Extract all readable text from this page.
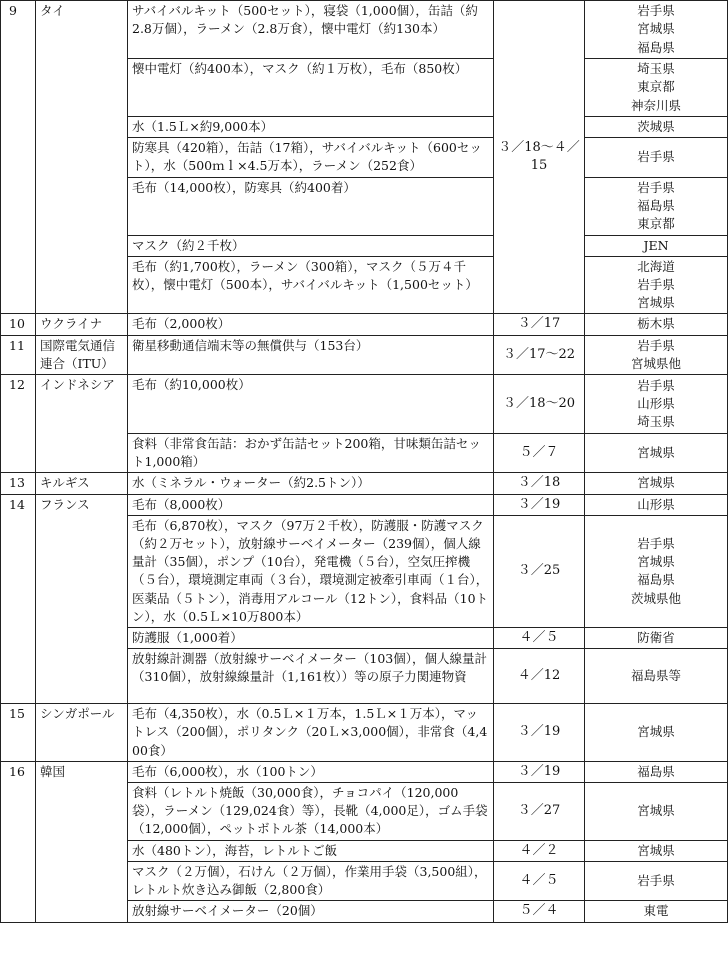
9	タイ	サバイバルキット（500セット），寝袋（1,000個），缶詰（約2.8万個），ラーメン（2.8万食），懐中電灯（約130本）	３／18〜４／15	岩手県
宮城県
福島県
		懐中電灯（約400本），マスク（約１万枚），毛布（850枚）		埼玉県
東京都
神奈川県
		水（1.5Ｌ×約9,000本）		茨城県
		防寒具（420箱），缶詰（17箱），サバイバルキット（600セット），水（500ｍｌ×4.5万本），ラーメン（252食）		岩手県
		毛布（14,000枚），防寒具（約400着）		岩手県
福島県
東京都
		マスク（約２千枚）		JEN
		毛布（約1,700枚），ラーメン（300箱），マスク（５万４千枚），懐中電灯（500本），サバイバルキット（1,500セット）		北海道
岩手県
宮城県
10	ウクライナ	毛布（2,000枚）	３／17	栃木県
11	国際電気通信連合（ITU）	衛星移動通信端末等の無償供与（153台）	３／17〜22	岩手県
宮城県他
12	インドネシア	毛布（約10,000枚）	３／18〜20	岩手県
山形県
埼玉県
		食料（非常食缶詰：おかず缶詰セット200箱，甘味類缶詰セット1,000箱）	５／７	宮城県
13	キルギス	水（ミネラル・ウォーター（約2.5トン））	３／18	宮城県
14	フランス	毛布（8,000枚）	３／19	山形県
		毛布（6,870枚），マスク（97万２千枚），防護服・防護マスク（約２万セット），放射線サーベイメーター（239個），個人線量計（35個），ポンプ（10台），発電機（５台），空気圧搾機（５台），環境測定車両（３台），環境測定被牽引車両（１台），医薬品（５トン），消毒用アルコール（12トン），食料品（10トン），水（0.5Ｌ×10万800本）	３／25	岩手県
宮城県
福島県
茨城県他
		防護服（1,000着）	４／５	防衛省
		放射線計測器（放射線サーベイメーター（103個），個人線量計（310個），放射線線量計（1,161枚））等の原子力関連物資	４／12	福島県等
15	シンガポール	毛布（4,350枚），水（0.5Ｌ×１万本，1.5Ｌ×１万本），マットレス（200個），ポリタンク（20Ｌ×3,000個），非常食（4,400食）	３／19	宮城県
16	韓国	毛布（6,000枚），水（100トン）	３／19	福島県
		食料（レトルト焼飯（30,000食），チョコパイ（120,000袋），ラーメン（129,024食）等），長靴（4,000足），ゴム手袋（12,000個），ペットボトル茶（14,000本）	３／27	宮城県
		水（480トン），海苔，レトルトご飯	４／２	宮城県
		マスク（２万個），石けん（２万個），作業用手袋（3,500組），レトルト炊き込み御飯（2,800食）	４／５	岩手県
		放射線サーベイメーター（20個）	５／４	東電
